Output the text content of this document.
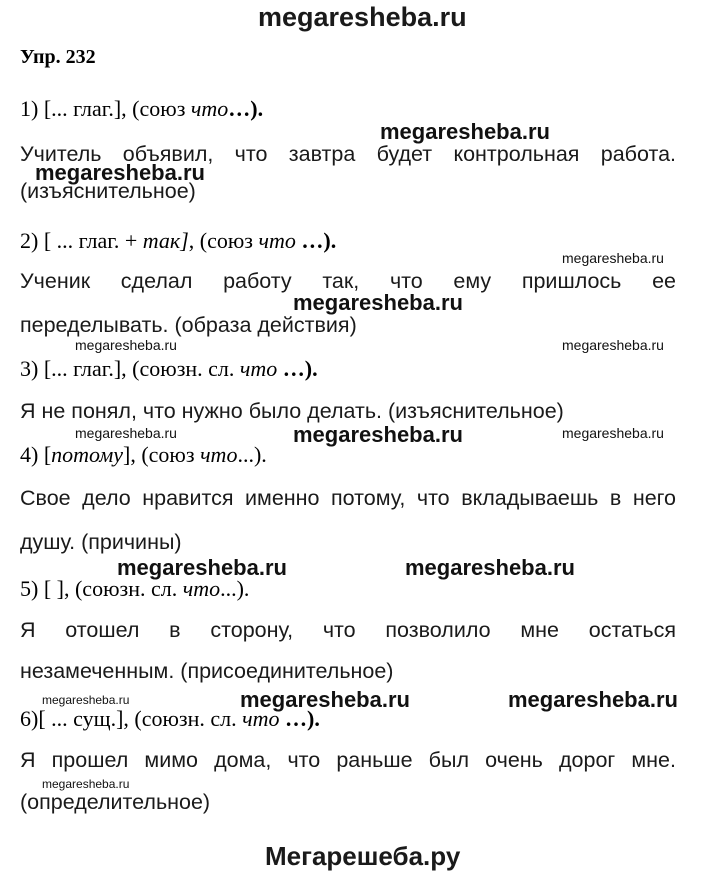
megaresheba.ru
Упр. 232
1) [... глаг.], (союз что…).
megaresheba.ru
Учитель объявил, что завтра будет контрольная работа.
megaresheba.ru
(изъяснительное)
2) [ ... глаг. + так], (союз что …).
megaresheba.ru
Ученик сделал работу так, что ему пришлось ее
megaresheba.ru
переделывать. (образа действия)
megaresheba.ru	megaresheba.ru
3) [... глаг.], (союзн. сл. что …).
Я не понял, что нужно было делать. (изъяснительное)
megaresheba.ru	megaresheba.ru	megaresheba.ru
4) [потому], (союз что...).
Свое дело нравится именно потому, что вкладываешь в него
душу. (причины)
megaresheba.ru	megaresheba.ru
5) [ ], (союзн. сл. что...).
Я отошел в сторону, что позволило мне остаться
незамеченным. (присоединительное)
megaresheba.ru	megaresheba.ru	megaresheba.ru
6)[ ... сущ.], (союзн. сл. что …).
Я прошел мимо дома, что раньше был очень дорог мне.
megaresheba.ru
(определительное)
Мегарешеба.ру
